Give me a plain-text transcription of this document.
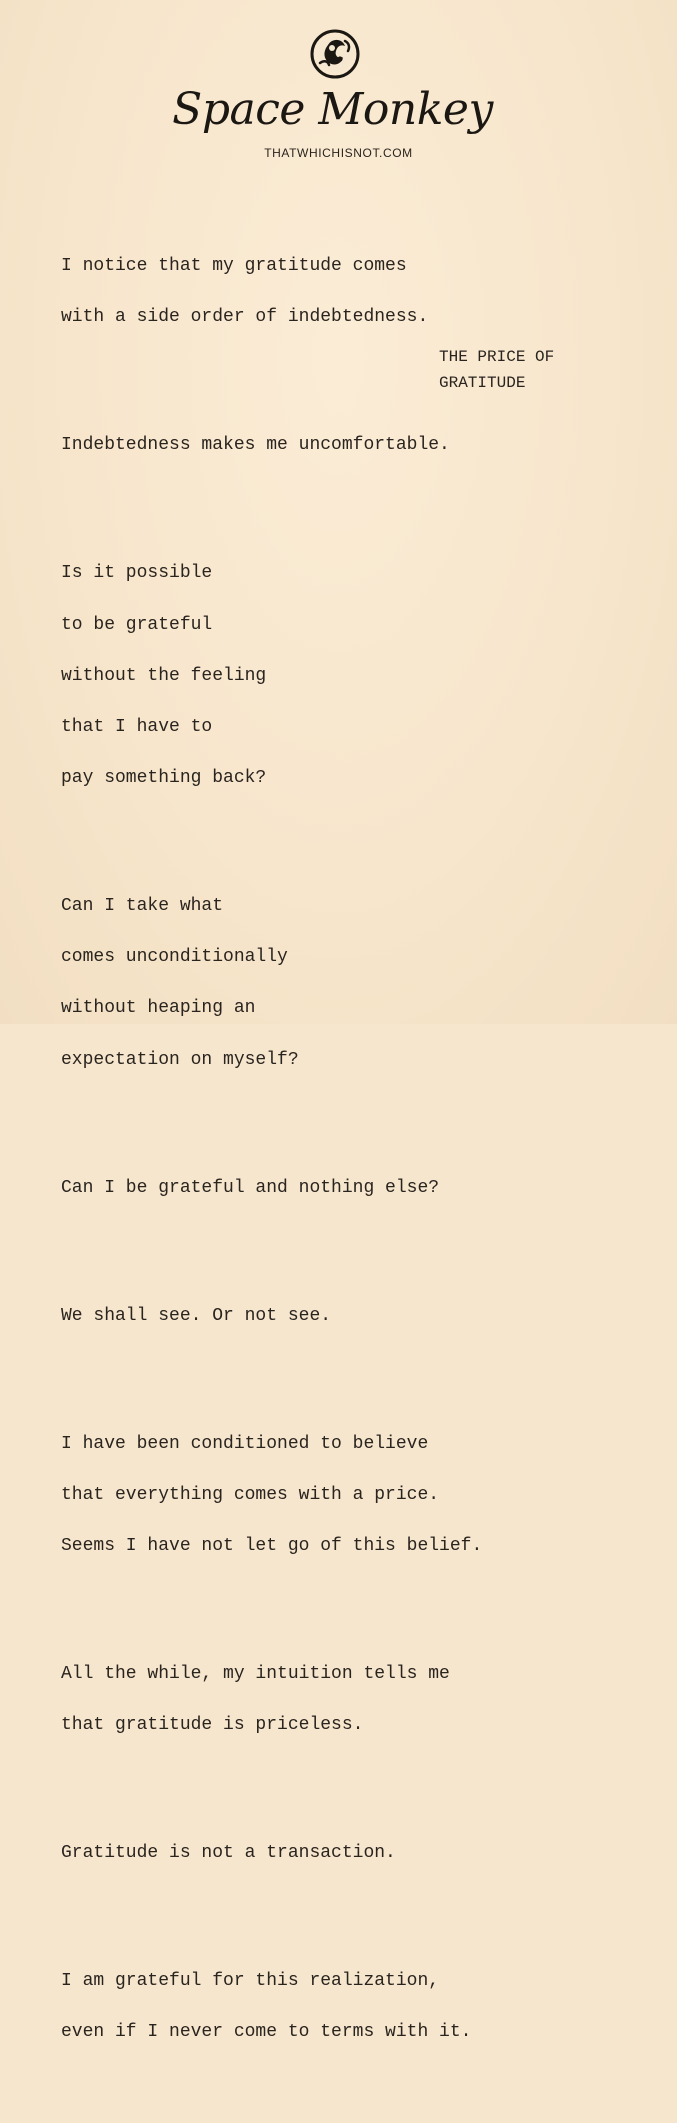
Space Monkey
THATWHICHISNOT.COM
THE PRICE OF
GRATITUDE

I notice that my gratitude comes

with a side order of indebtedness.

Indebtedness makes me uncomfortable.

Is it possible

to be grateful

without the feeling

that I have to

pay something back?

Can I take what

comes unconditionally

without heaping an

expectation on myself?

Can I be grateful and nothing else?

We shall see. Or not see.

I have been conditioned to believe

that everything comes with a price.

Seems I have not let go of this belief.

All the while, my intuition tells me

that gratitude is priceless.

Gratitude is not a transaction.

I am grateful for this realization,

even if I never come to terms with it.
